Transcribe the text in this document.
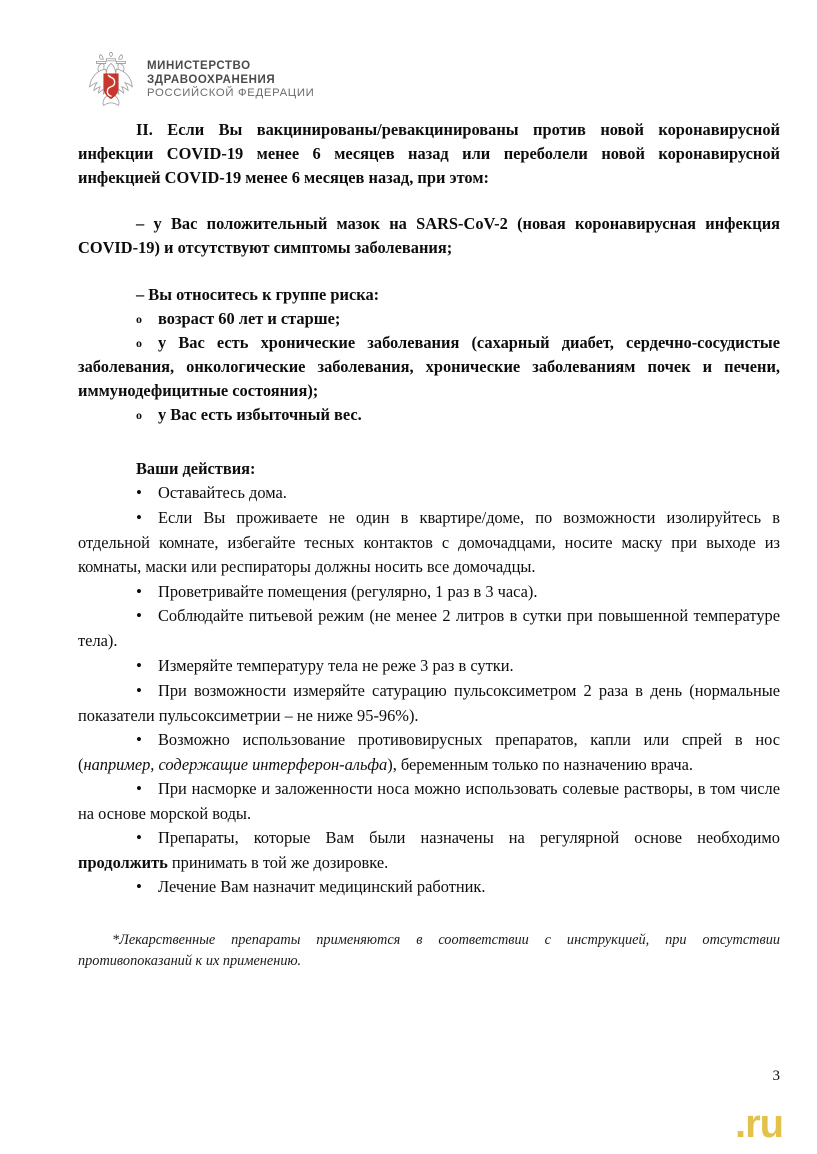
МИНИСТЕРСТВО
ЗДРАВООХРАНЕНИЯ
РОССИЙСКОЙ ФЕДЕРАЦИИ

II. Если Вы вакцинированы/ревакцинированы против новой коронавирусной инфекции COVID-19 менее 6 месяцев назад или переболели новой коронавирусной инфекцией COVID-19 менее 6 месяцев назад, при этом:

– у Вас положительный мазок на SARS-CoV-2 (новая коронавирусная инфекция COVID-19) и отсутствуют симптомы заболевания;

– Вы относитесь к группе риска:

o возраст 60 лет и старше;

o у Вас есть хронические заболевания (сахарный диабет, сердечно-сосудистые заболевания, онкологические заболевания, хронические заболеваниям почек и печени, иммунодефицитные состояния);

o у Вас есть избыточный вес.

Ваши действия:

• Оставайтесь дома.

• Если Вы проживаете не один в квартире/доме, по возможности изолируйтесь в отдельной комнате, избегайте тесных контактов с домочадцами, носите маску при выходе из комнаты, маски или респираторы должны носить все домочадцы.

• Проветривайте помещения (регулярно, 1 раз в 3 часа).

• Соблюдайте питьевой режим (не менее 2 литров в сутки при повышенной температуре тела).

• Измеряйте температуру тела не реже 3 раз в сутки.

• При возможности измеряйте сатурацию пульсоксиметром 2 раза в день (нормальные показатели пульсоксиметрии – не ниже 95-96%).

• Возможно использование противовирусных препаратов, капли или спрей в нос (например, содержащие интерферон-альфа), беременным только по назначению врача.

• При насморке и заложенности носа можно использовать солевые растворы, в том числе на основе морской воды.

• Препараты, которые Вам были назначены на регулярной основе необходимо продолжить принимать в той же дозировке.

• Лечение Вам назначит медицинский работник.

*Лекарственные препараты применяются в соответствии с инструкцией, при отсутствии противопоказаний к их применению.

3
.ru
